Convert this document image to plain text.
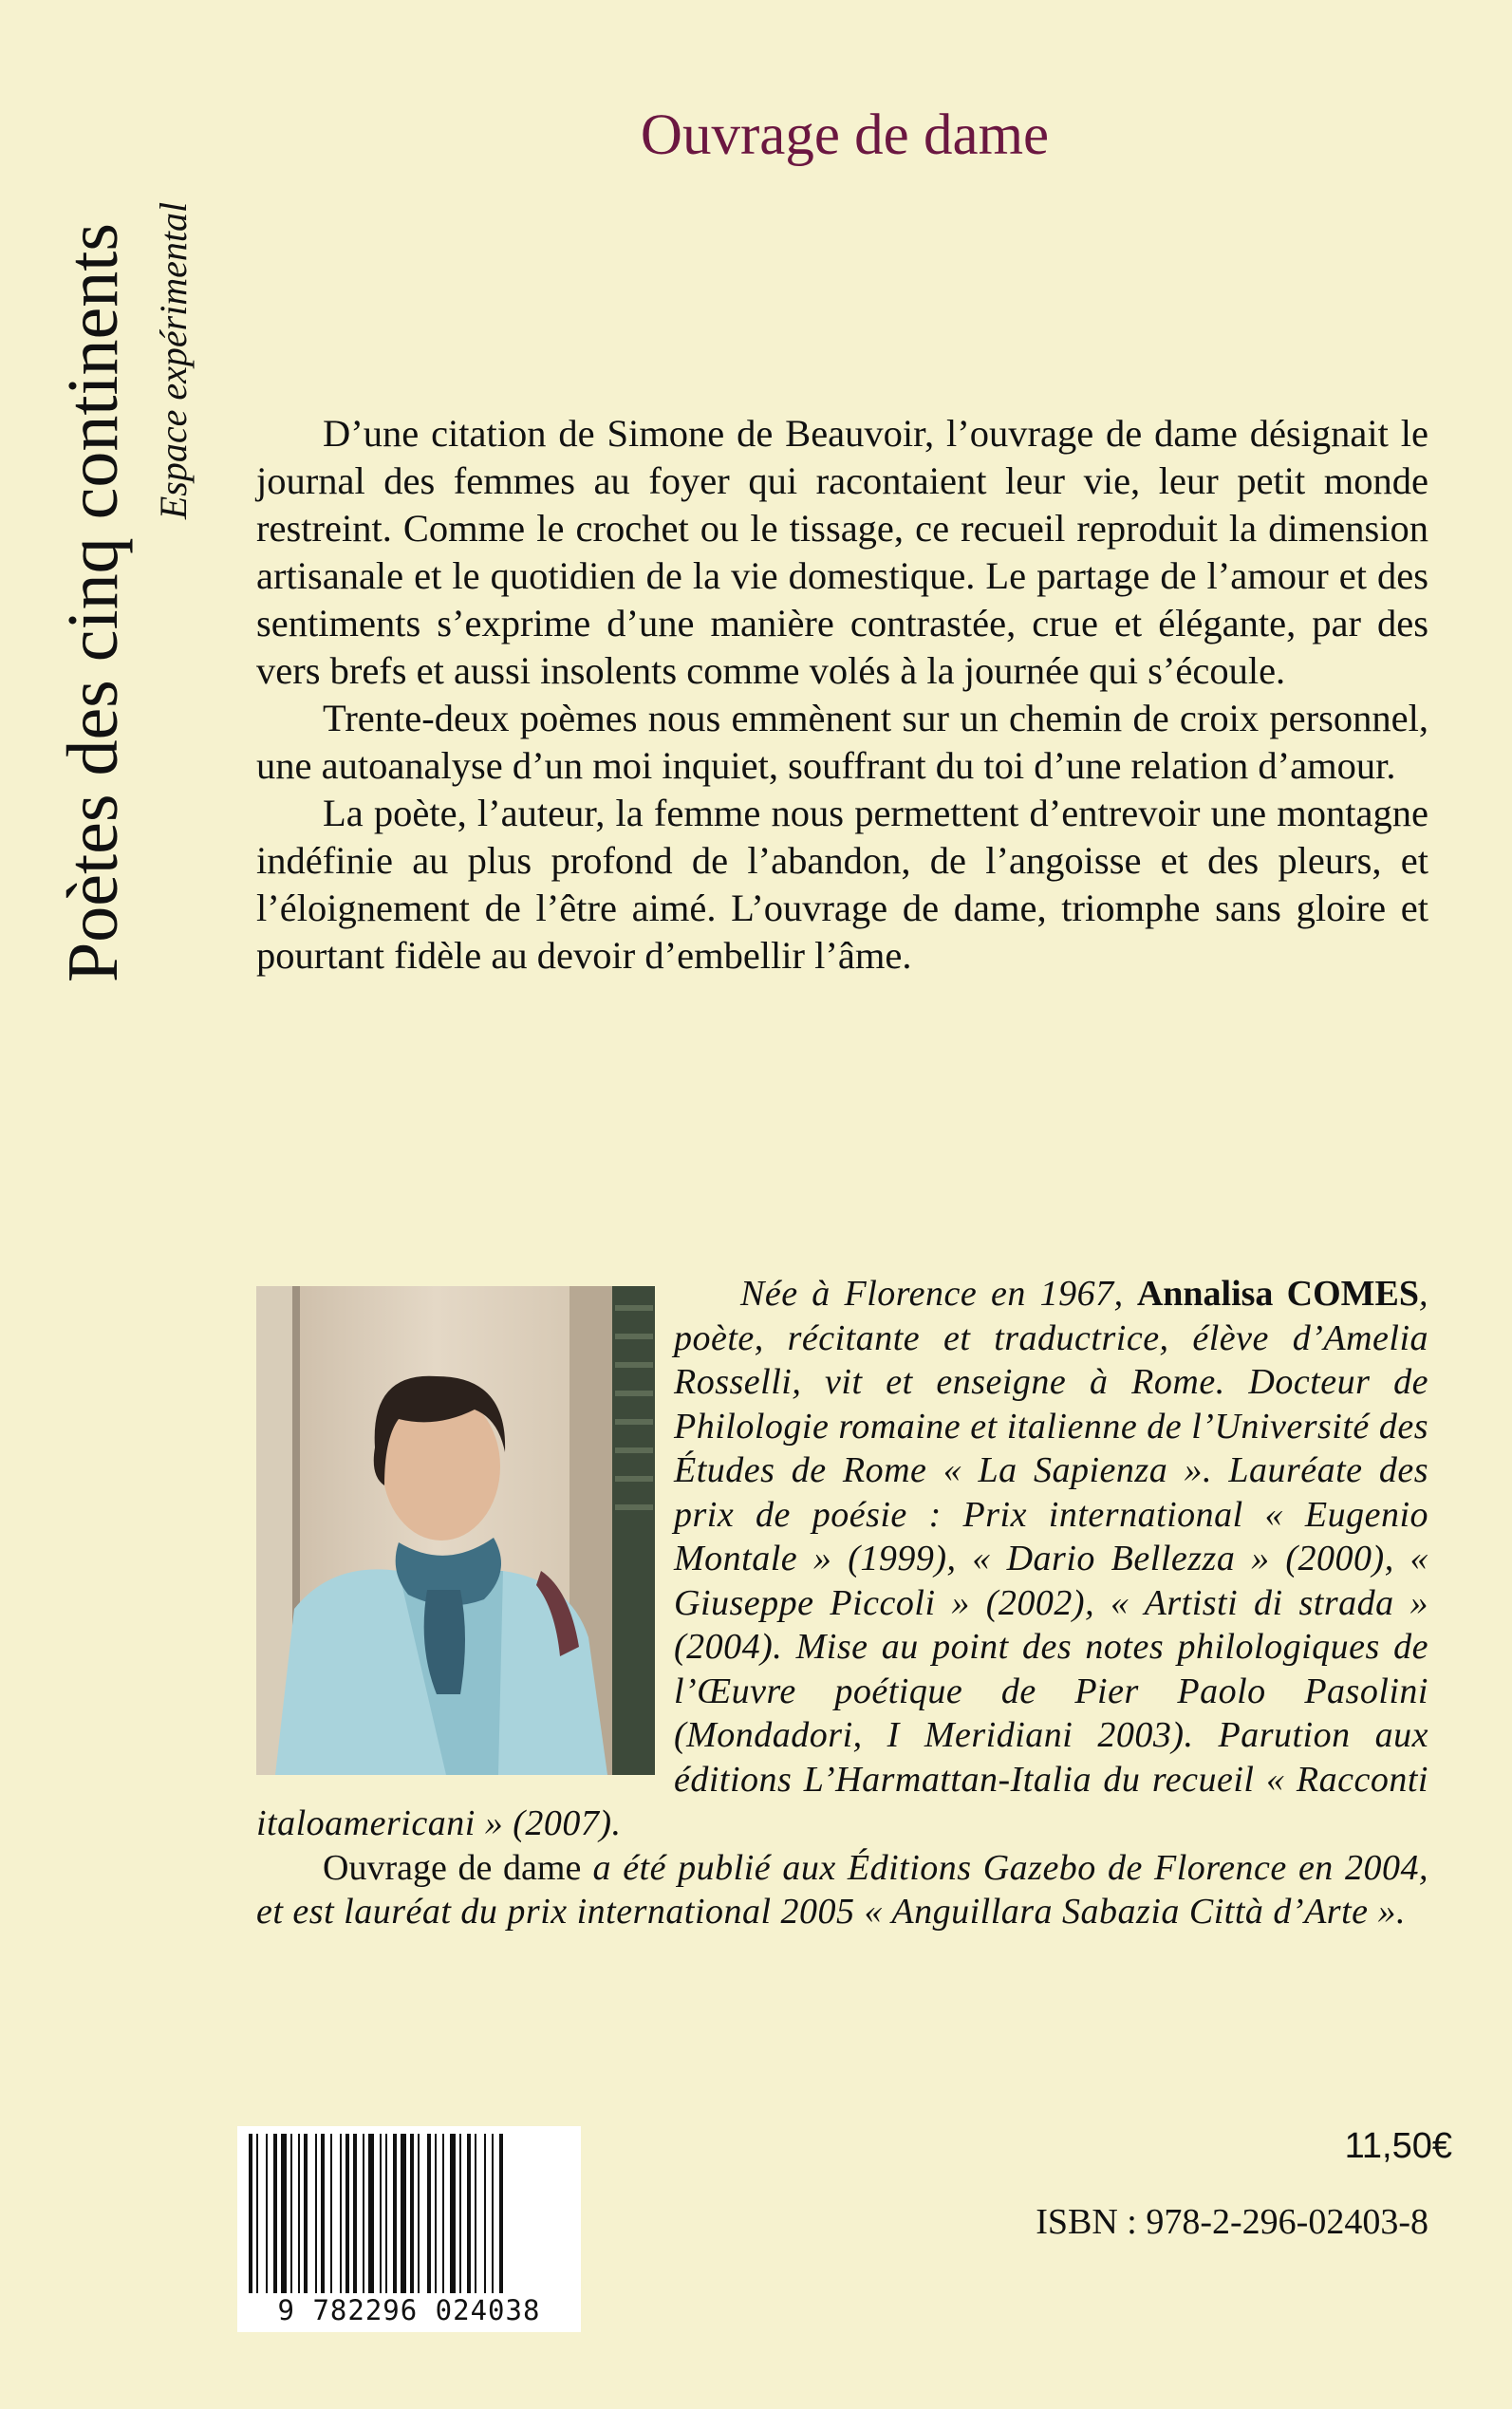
Poètes des cinq continents Espace expérimental
Ouvrage de dame

D’une citation de Simone de Beauvoir, l’ouvrage de dame désignait le journal des femmes au foyer qui racontaient leur vie, leur petit monde restreint. Comme le crochet ou le tissage, ce recueil reproduit la dimension artisanale et le quotidien de la vie domestique. Le partage de l’amour et des sentiments s’exprime d’une manière contrastée, crue et élégante, par des vers brefs et aussi insolents comme volés à la journée qui s’écoule.

Trente-deux poèmes nous emmènent sur un chemin de croix personnel, une autoanalyse d’un moi inquiet, souffrant du toi d’une relation d’amour.

La poète, l’auteur, la femme nous permettent d’entrevoir une montagne indéfinie au plus profond de l’abandon, de l’angoisse et des pleurs, et l’éloignement de l’être aimé. L’ouvrage de dame, triomphe sans gloire et pourtant fidèle au devoir d’embellir l’âme.

Née à Florence en 1967, Annalisa COMES, poète, récitante et traductrice, élève d’Amelia Rosselli, vit et enseigne à Rome. Docteur de Philologie romaine et italienne de l’Université des Études de Rome « La Sapienza ». Lauréate des prix de poésie : Prix international « Eugenio Montale » (1999), « Dario Bellezza » (2000), « Giuseppe Piccoli » (2002), « Artisti di strada » (2004). Mise au point des notes philologiques de l’Œuvre poétique de Pier Paolo Pasolini (Mondadori, I Meridiani 2003). Parution aux éditions L’Harmattan-Italia du recueil « Racconti italoamericani » (2007).

Ouvrage de dame a été publié aux Éditions Gazebo de Florence en 2004, et est lauréat du prix international 2005 « Anguillara Sabazia Città d’Arte ».

9 782296 024038
11,50€
ISBN : 978-2-296-02403-8
